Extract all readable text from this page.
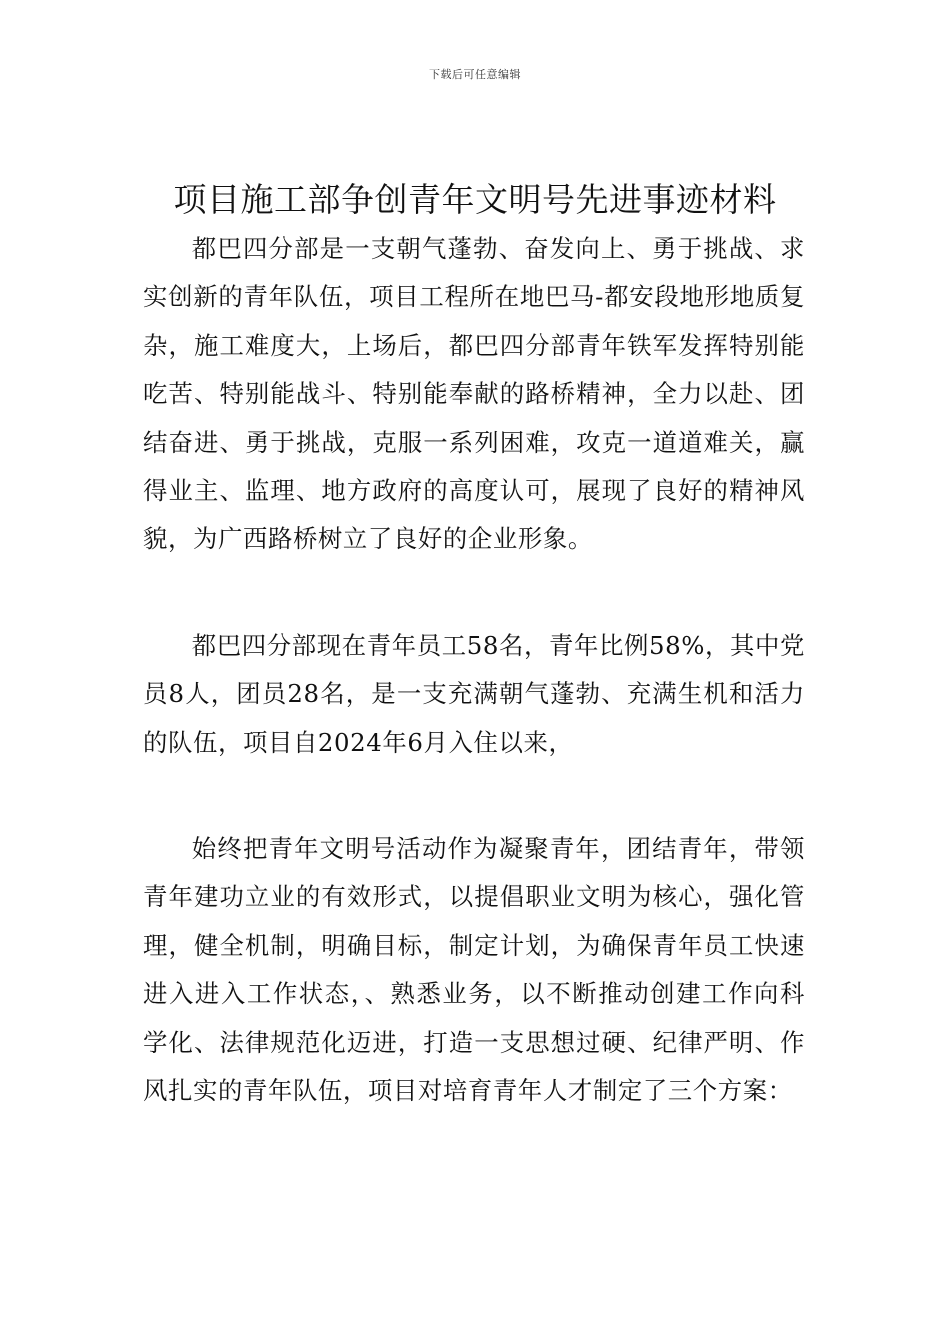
下载后可任意编辑
项目施工部争创青年文明号先进事迹材料

都巴四分部是一支朝气蓬勃、奋发向上、勇于挑战、求实创新的青年队伍，项目工程所在地巴马-都安段地形地质复杂，施工难度大，上场后，都巴四分部青年铁军发挥特别能吃苦、特别能战斗、特别能奉献的路桥精神，全力以赴、团结奋进、勇于挑战，克服一系列困难，攻克一道道难关，赢得业主、监理、地方政府的高度认可，展现了良好的精神风貌，为广西路桥树立了良好的企业形象。

都巴四分部现在青年员工58名，青年比例58%，其中党员8人，团员28名，是一支充满朝气蓬勃、充满生机和活力的队伍，项目自2024年6月入住以来，

始终把青年文明号活动作为凝聚青年，团结青年，带领青年建功立业的有效形式，以提倡职业文明为核心，强化管理，健全机制，明确目标，制定计划，为确保青年员工快速进入进入工作状态，、熟悉业务，以不断推动创建工作向科学化、法律规范化迈进，打造一支思想过硬、纪律严明、作风扎实的青年队伍，项目对培育青年人才制定了三个方案：
